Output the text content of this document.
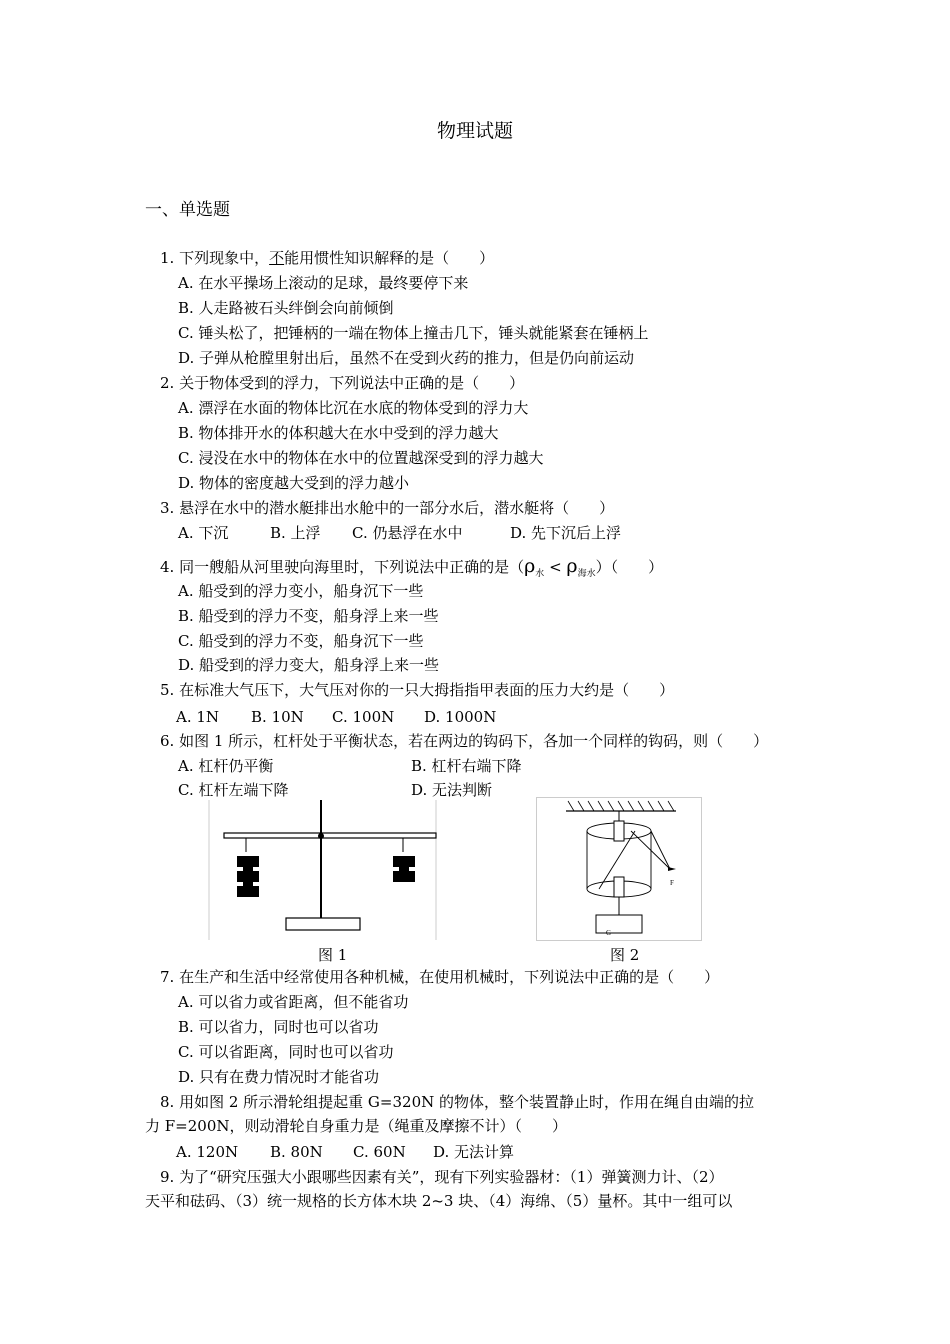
物理试题
一、单选题
1. 下列现象中，不能用惯性知识解释的是（　　）
A. 在水平操场上滚动的足球，最终要停下来
B. 人走路被石头绊倒会向前倾倒
C. 锤头松了，把锤柄的一端在物体上撞击几下，锤头就能紧套在锤柄上
D. 子弹从枪膛里射出后，虽然不在受到火药的推力，但是仍向前运动
2. 关于物体受到的浮力，下列说法中正确的是（　　）
A. 漂浮在水面的物体比沉在水底的物体受到的浮力大
B. 物体排开水的体积越大在水中受到的浮力越大
C. 浸没在水中的物体在水中的位置越深受到的浮力越大
D. 物体的密度越大受到的浮力越小
3. 悬浮在水中的潜水艇排出水舱中的一部分水后，潜水艇将（　　）
A. 下沉	B. 上浮 C. 仍悬浮在水中	D. 先下沉后上浮
4. 同一艘船从河里驶向海里时，下列说法中正确的是$(\rho_水 < \rho_{海水})$（　　）
A. 船受到的浮力变小，船身沉下一些
B. 船受到的浮力不变，船身浮上来一些
C. 船受到的浮力不变，船身沉下一些
D. 船受到的浮力变大，船身浮上来一些
5. 在标准大气压下，大气压对你的一只大拇指指甲表面的压力大约是（　　）
A. 1N B. 10N C. 100N D. 1000N
6. 如图 1 所示，杠杆处于平衡状态，若在两边的钩码下，各加一个同样的钩码，则（　　）
A. 杠杆仍平衡	B. 杠杆右端下降
C. 杠杆左端下降	D. 无法判断
图 1
F
G
图 2
7. 在生产和生活中经常使用各种机械，在使用机械时，下列说法中正确的是（　　）
A. 可以省力或省距离，但不能省功
B. 可以省力，同时也可以省功
C. 可以省距离，同时也可以省功
D. 只有在费力情况时才能省功
8. 用如图 2 所示滑轮组提起重 G=320N 的物体，整个装置静止时，作用在绳自由端的拉
力 F=200N，则动滑轮自身重力是（绳重及摩擦不计）（　　）
A. 120N B. 80N C. 60N D. 无法计算
9. 为了“研究压强大小跟哪些因素有关”，现有下列实验器材：（1）弹簧测力计、（2）
天平和砝码、（3）统一规格的长方体木块 2~3 块、（4）海绵、（5）量杯。其中一组可以
